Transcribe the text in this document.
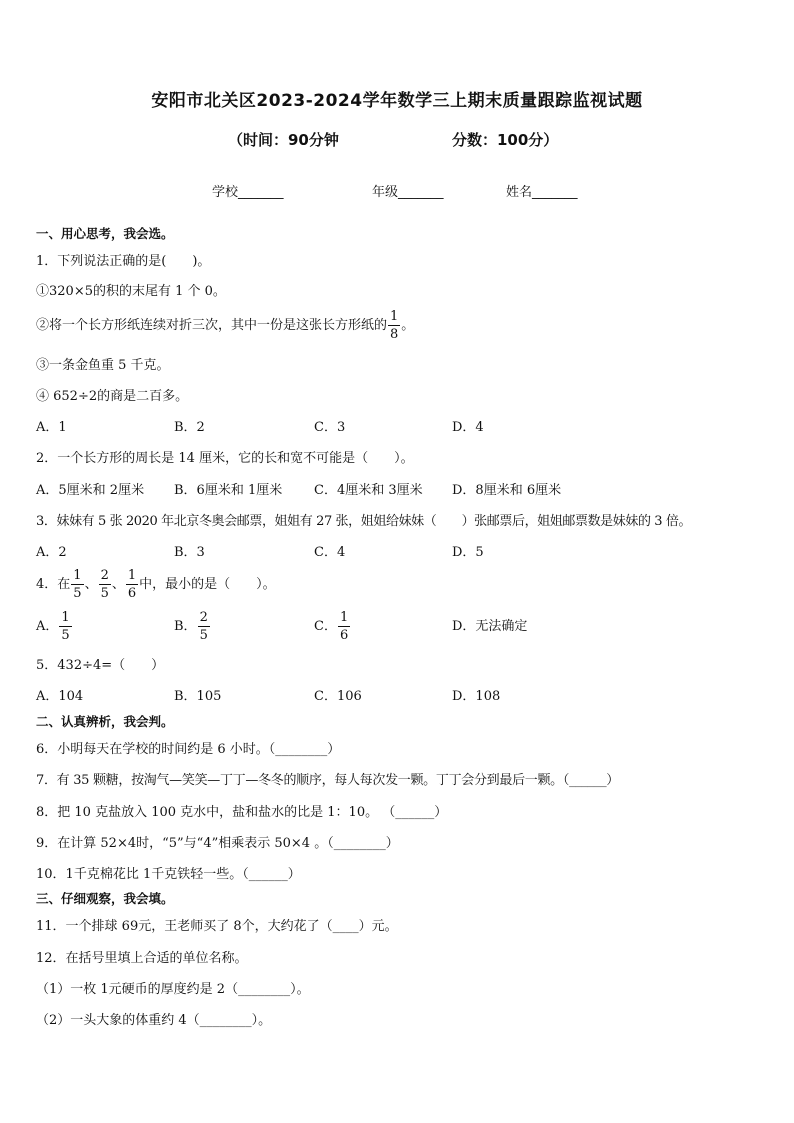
安阳市北关区2023-2024学年数学三上期末质量跟踪监视试题
（时间：90分钟	分数：100分）
学校_______	年级_______	姓名_______
一、用心思考，我会选。
1．下列说法正确的是(　　)。
①320×5的积的末尾有 1 个 0。
②将一个长方形纸连续对折三次，其中一份是这张长方形纸的 $\frac{1}{8}$ 。
③一条金鱼重 5 千克。
④ 652÷2的商是二百多。
A．1	B．2	C．3	D．4
2．一个长方形的周长是 14 厘米，它的长和宽不可能是（　　）。
A．5厘米和 2厘米 B．6厘米和 1厘米 C．4厘米和 3厘米 D．8厘米和 6厘米
3．妹妹有 5 张 2020 年北京冬奥会邮票，姐姐有 27 张，姐姐给妹妹（　　）张邮票后，姐姐邮票数是妹妹的 3 倍。
A．2	B．3	C．4	D．5
4．在 $\frac{1}{5}$ 、 $\frac{2}{5}$ 、 $\frac{1}{6}$ 中，最小的是（　　）。
A． $\frac{1}{5}$	B． $\frac{2}{5}$	C． $\frac{1}{6}$	D．无法确定
5．432÷4=（　　）
A．104	B．105	C．106	D．108
二、认真辨析，我会判。
6．小明每天在学校的时间约是 6 小时。（________）
7．有 35 颗糖，按淘气—笑笑—丁丁—冬冬的顺序，每人每次发一颗。丁丁会分到最后一颗。（______）
8．把 10 克盐放入 100 克水中，盐和盐水的比是 1：10。 （______）
9．在计算 52×4时，“5”与“4”相乘表示 50×4 。（________）
10．1千克棉花比 1千克铁轻一些。（______）
三、仔细观察，我会填。
11．一个排球 69元，王老师买了 8个，大约花了（____）元。
12．在括号里填上合适的单位名称。
（1）一枚 1元硬币的厚度约是 2（________）。
（2）一头大象的体重约 4（________）。
